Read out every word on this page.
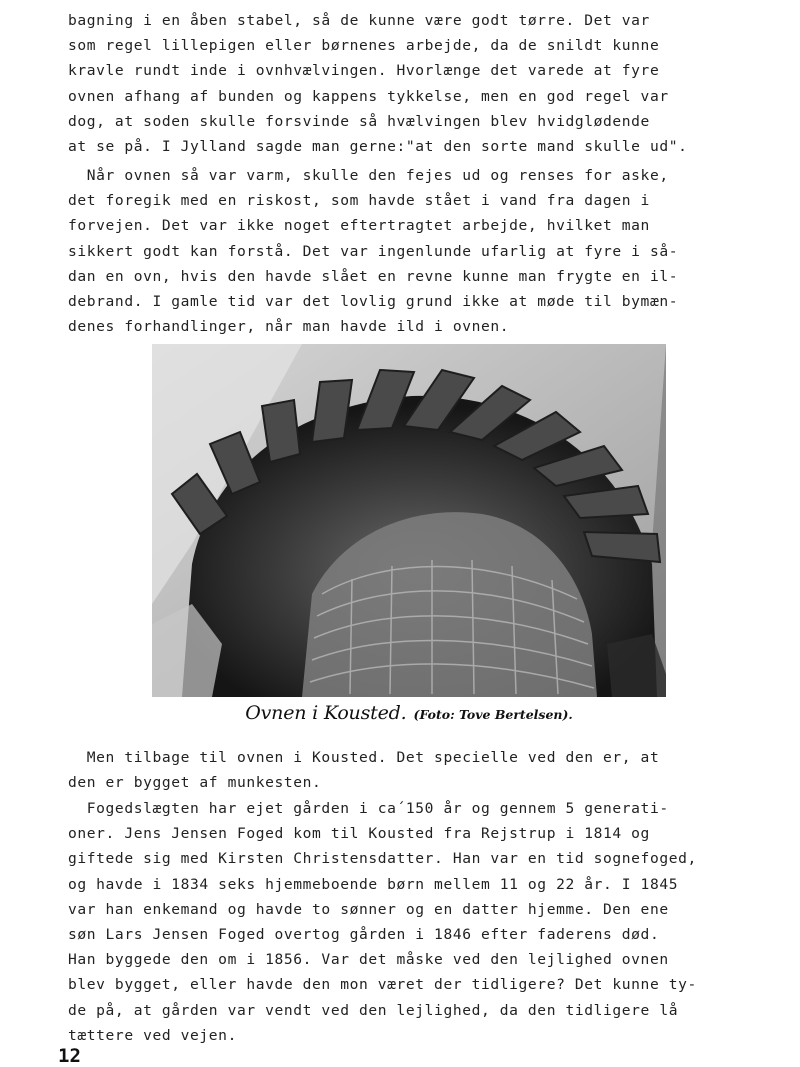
bagning i en åben stabel, så de kunne være godt tørre. Det var
som regel lillepigen eller børnenes arbejde, da de snildt kunne
kravle rundt inde i ovnhvælvingen. Hvorlænge det varede at fyre
ovnen afhang af bunden og kappens tykkelse, men en god regel var
dog, at soden skulle forsvinde så hvælvingen blev hvidglødende
at se på. I Jylland sagde man gerne:"at den sorte mand skulle ud".

Når ovnen så var varm, skulle den fejes ud og renses for aske,
det foregik med en riskost, som havde stået i vand fra dagen i
forvejen. Det var ikke noget eftertragtet arbejde, hvilket man
sikkert godt kan forstå. Det var ingenlunde ufarlig at fyre i så-
dan en ovn, hvis den havde slået en revne kunne man frygte en il-
debrand. I gamle tid var det lovlig grund ikke at møde til bymæn-
denes forhandlinger, når man havde ild i ovnen.

Ovnen i Kousted. (Foto: Tove Bertelsen).

Men tilbage til ovnen i Kousted. Det specielle ved den er, at
den er bygget af munkesten.

Fogedslægten har ejet gården i ca´150 år og gennem 5 generati-
oner. Jens Jensen Foged kom til Kousted fra Rejstrup i 1814 og
giftede sig med Kirsten Christensdatter. Han var en tid sognefoged,
og havde i 1834 seks hjemmeboende børn mellem 11 og 22 år. I 1845
var han enkemand og havde to sønner og en datter hjemme. Den ene
søn Lars Jensen Foged overtog gården i 1846 efter faderens død.
Han byggede den om i 1856. Var det måske ved den lejlighed ovnen
blev bygget, eller havde den mon været der tidligere? Det kunne ty-
de på, at gården var vendt ved den lejlighed, da den tidligere lå
tættere ved vejen.

12
